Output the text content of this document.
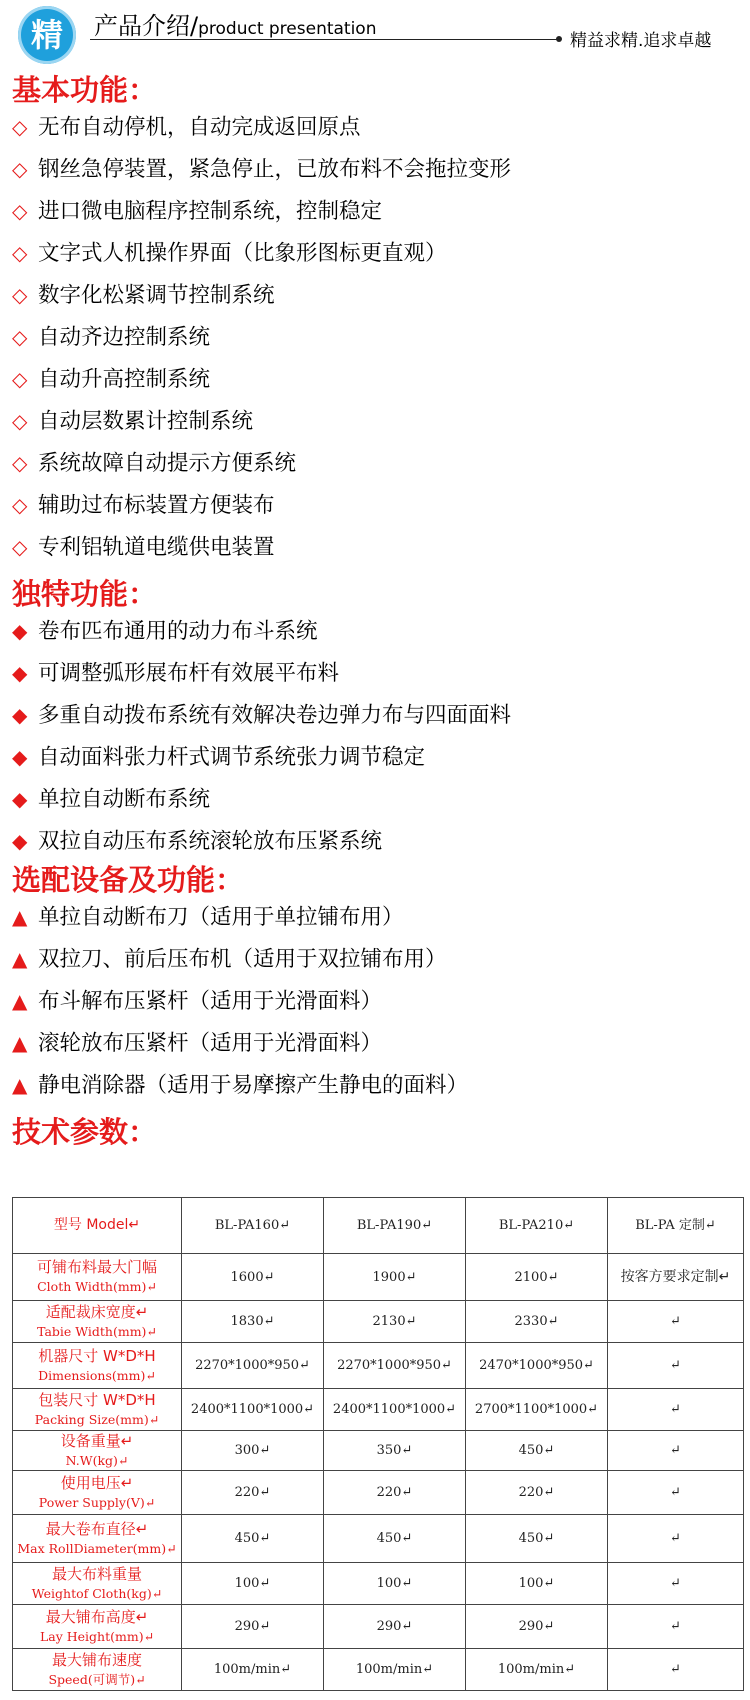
精	产品介绍/product presentation
精益求精.追求卓越
基本功能：
◇ 无布自动停机，自动完成返回原点
◇ 钢丝急停装置，紧急停止，已放布料不会拖拉变形
◇ 进口微电脑程序控制系统，控制稳定
◇ 文字式人机操作界面（比象形图标更直观）
◇ 数字化松紧调节控制系统
◇ 自动齐边控制系统
◇ 自动升高控制系统
◇ 自动层数累计控制系统
◇ 系统故障自动提示方便系统
◇ 辅助过布标装置方便装布
◇ 专利铝轨道电缆供电装置
独特功能：
◆ 卷布匹布通用的动力布斗系统
◆ 可调整弧形展布杆有效展平布料
◆ 多重自动拨布系统有效解决卷边弹力布与四面面料
◆ 自动面料张力杆式调节系统张力调节稳定
◆ 单拉自动断布系统
◆ 双拉自动压布系统滚轮放布压紧系统
选配设备及功能：
▲ 单拉自动断布刀（适用于单拉铺布用）
▲ 双拉刀、前后压布机（适用于双拉铺布用）
▲ 布斗解布压紧杆（适用于光滑面料）
▲ 滚轮放布压紧杆（适用于光滑面料）
▲ 静电消除器（适用于易摩擦产生静电的面料）
技术参数：
型号 Model↵	BL-PA160↵	BL-PA190↵	BL-PA210↵	BL-PA 定制↵

可铺布料最大门幅
Cloth Width(mm)↵	1600↵	1900↵	2100↵	按客方要求定制↵

适配裁床宽度↵
Tabie Width(mm)↵	1830↵	2130↵	2330↵	↵

机器尺寸 W*D*H
Dimensions(mm)↵	2270*1000*950↵	2270*1000*950↵	2470*1000*950↵	↵

包装尺寸 W*D*H
Packing Size(mm)↵	2400*1100*1000↵	2400*1100*1000↵	2700*1100*1000↵	↵

设备重量↵
N.W(kg)↵	300↵	350↵	450↵	↵

使用电压↵
Power Supply(V)↵	220↵	220↵	220↵	↵

最大卷布直径↵
Max RollDiameter(mm)↵	450↵	450↵	450↵	↵

最大布料重量
Weightof Cloth(kg)↵	100↵	100↵	100↵	↵

最大铺布高度↵
Lay Height(mm)↵	290↵	290↵	290↵	↵

最大铺布速度
Speed(可调节)↵	100m/min↵	100m/min↵	100m/min↵	↵
